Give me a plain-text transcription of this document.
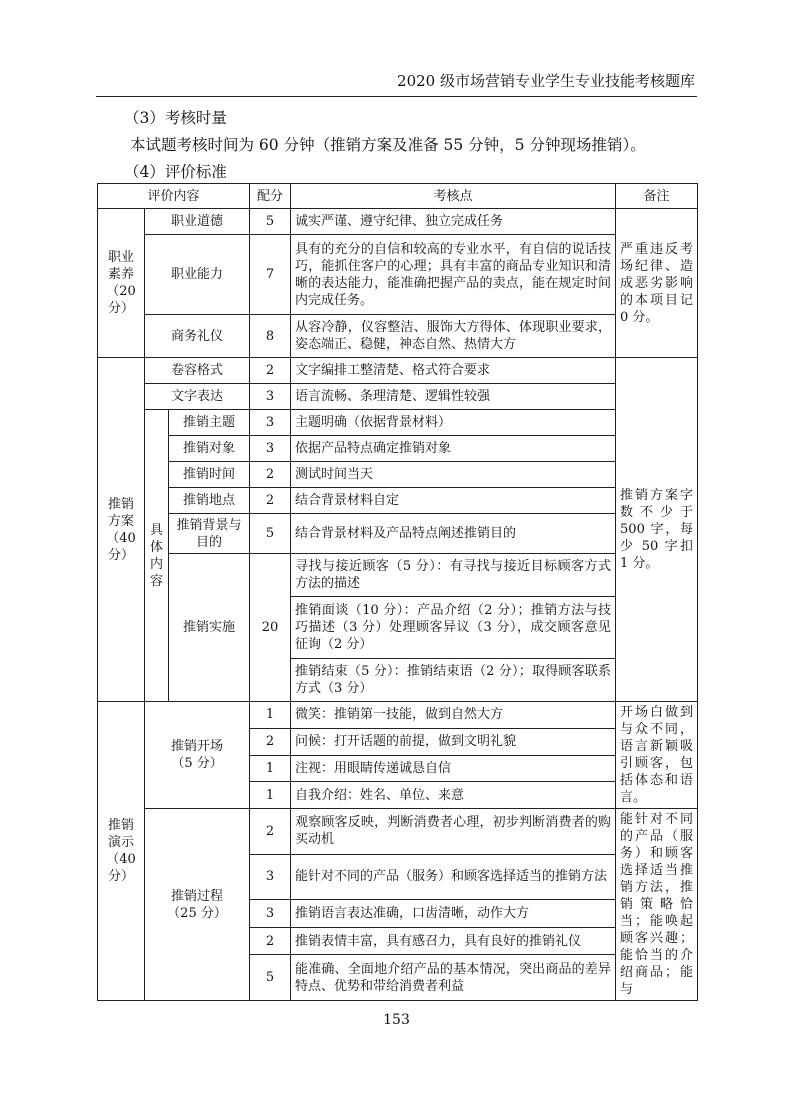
2020 级市场营销专业学生专业技能考核题库
（3）考核时量
本试题考核时间为 60 分钟（推销方案及准备 55 分钟，5 分钟现场推销）。
（4）评价标准
评价内容			配分	考核点	备注
职业
素养
（20
分）	职业道德		5	诚实严谨、遵守纪律、独立完成任务	严重违反考场纪律、造成恶劣影响的本项目记 0 分。
	职业能力		7	具有的充分的自信和较高的专业水平，有自信的说话技巧，能抓住客户的心理；具有丰富的商品专业知识和清晰的表达能力，能准确把握产品的卖点，能在规定时间内完成任务。	
	商务礼仪		8	从容冷静，仪容整洁、服饰大方得体、体现职业要求，姿态端正、稳健，神态自然、热情大方	
推销
方案
（40
分）	卷容格式		2	文字编排工整清楚、格式符合要求	推销方案字数不少于 500 字，每少 50 字扣 1 分。
	文字表达		3	语言流畅、条理清楚、逻辑性较强	
	具
体
内
容	推销主题	3	主题明确（依据背景材料）	
		推销对象	3	依据产品特点确定推销对象	
		推销时间	2	测试时间当天	
		推销地点	2	结合背景材料自定	
		推销背景与目的	5	结合背景材料及产品特点阐述推销目的	
		推销实施	20	寻找与接近顾客（5 分）：有寻找与接近目标顾客方式方法的描述	
				推销面谈（10 分）：产品介绍（2 分）；推销方法与技巧描述（3 分）处理顾客异议（3 分），成交顾客意见征询（2 分）	
				推销结束（5 分）：推销结束语（2 分）；取得顾客联系方式（3 分）	
推销
演示
（40
分）	推销开场
（5 分）		1	微笑：推销第一技能，做到自然大方	开场白做到与众不同，语言新颖吸引顾客，包括体态和语言。
			2	问候：打开话题的前提，做到文明礼貌	
			1	注视：用眼睛传递诚恳自信	
			1	自我介绍：姓名、单位、来意	
	推销过程
（25 分）		2	观察顾客反映，判断消费者心理，初步判断消费者的购买动机	能针对不同的产品（服务）和顾客选择适当推销方法，推销策略恰当；能唤起顾客兴趣；能恰当的介绍商品；能与
			3	能针对不同的产品（服务）和顾客选择适当的推销方法	
			3	推销语言表达准确，口齿清晰，动作大方	
			2	推销表情丰富，具有感召力，具有良好的推销礼仪	
			5	能准确、全面地介绍产品的基本情况，突出商品的差异特点、优势和带给消费者利益	
153
